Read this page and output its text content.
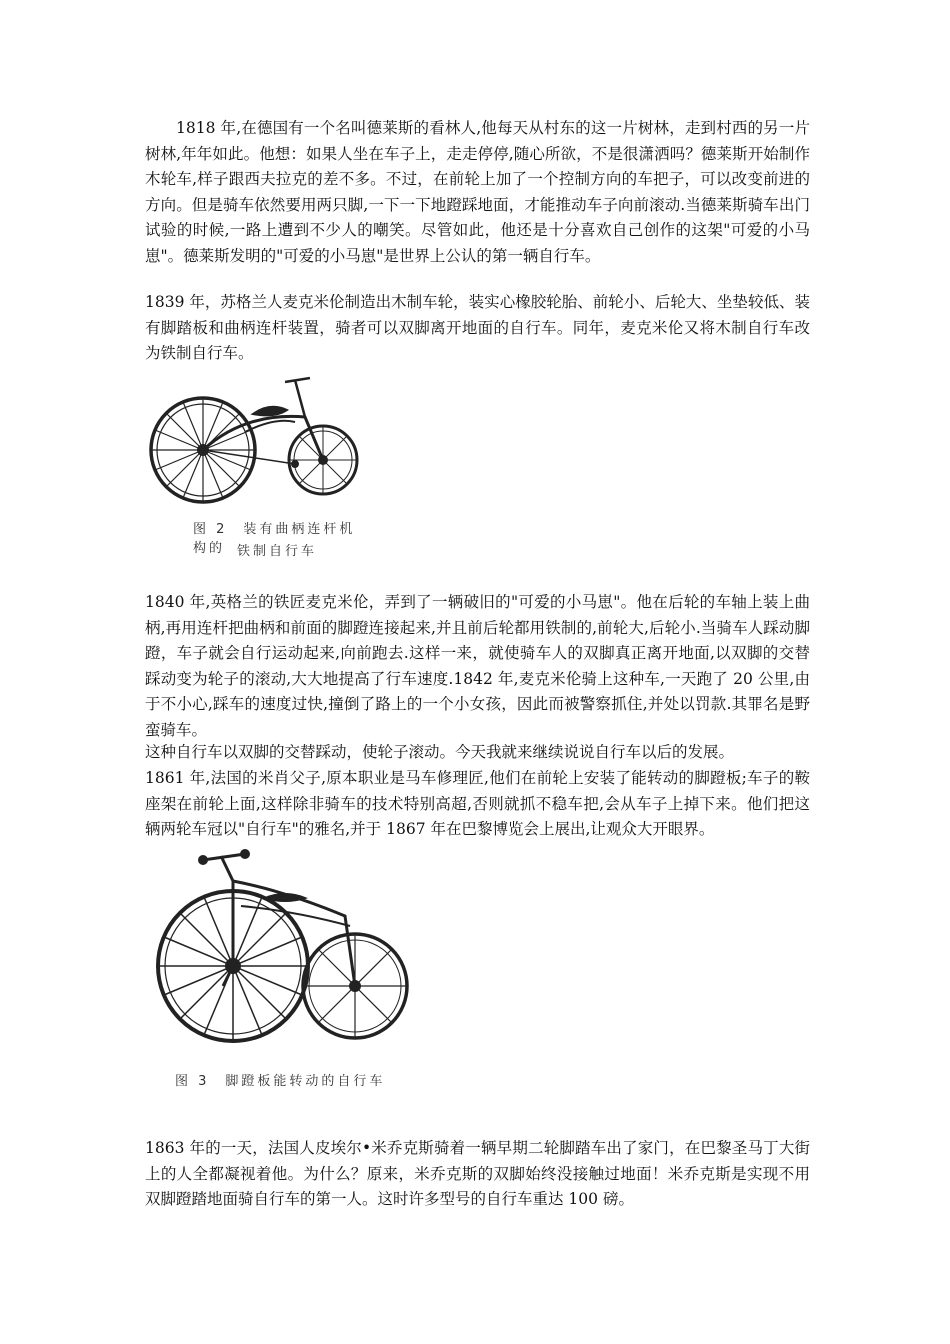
1818 年,在德国有一个名叫德莱斯的看林人,他每天从村东的这一片树林，走到村西的另一片树林,年年如此。他想：如果人坐在车子上，走走停停,随心所欲，不是很潇洒吗？德莱斯开始制作木轮车,样子跟西夫拉克的差不多。不过，在前轮上加了一个控制方向的车把子，可以改变前进的方向。但是骑车依然要用两只脚,一下一下地蹬踩地面，才能推动车子向前滚动.当德莱斯骑车出门试验的时候,一路上遭到不少人的嘲笑。尽管如此，他还是十分喜欢自己创作的这架"可爱的小马崽"。德莱斯发明的"可爱的小马崽"是世界上公认的第一辆自行车。

1839 年，苏格兰人麦克米伦制造出木制车轮，装实心橡胶轮胎、前轮小、后轮大、坐垫较低、装有脚踏板和曲柄连杆装置，骑者可以双脚离开地面的自行车。同年，麦克米伦又将木制自行车改为铁制自行车。

图 2　装有曲柄连杆机构的 铁制自行车

1840 年,英格兰的铁匠麦克米伦，弄到了一辆破旧的"可爱的小马崽"。他在后轮的车轴上装上曲柄,再用连杆把曲柄和前面的脚蹬连接起来,并且前后轮都用铁制的,前轮大,后轮小.当骑车人踩动脚蹬，车子就会自行运动起来,向前跑去.这样一来，就使骑车人的双脚真正离开地面,以双脚的交替踩动变为轮子的滚动,大大地提高了行车速度.1842 年,麦克米伦骑上这种车,一天跑了 20 公里,由于不小心,踩车的速度过快,撞倒了路上的一个小女孩，因此而被警察抓住,并处以罚款.其罪名是野蛮骑车。

这种自行车以双脚的交替踩动，使轮子滚动。今天我就来继续说说自行车以后的发展。

1861 年,法国的米肖父子,原本职业是马车修理匠,他们在前轮上安装了能转动的脚蹬板;车子的鞍座架在前轮上面,这样除非骑车的技术特别高超,否则就抓不稳车把,会从车子上掉下来。他们把这辆两轮车冠以"自行车"的雅名,并于 1867 年在巴黎博览会上展出,让观众大开眼界。

图 3　脚蹬板能转动的自行车

1863 年的一天，法国人皮埃尔•米乔克斯骑着一辆早期二轮脚踏车出了家门，在巴黎圣马丁大街上的人全都凝视着他。为什么？原来，米乔克斯的双脚始终没接触过地面！米乔克斯是实现不用双脚蹬踏地面骑自行车的第一人。这时许多型号的自行车重达 100 磅。
